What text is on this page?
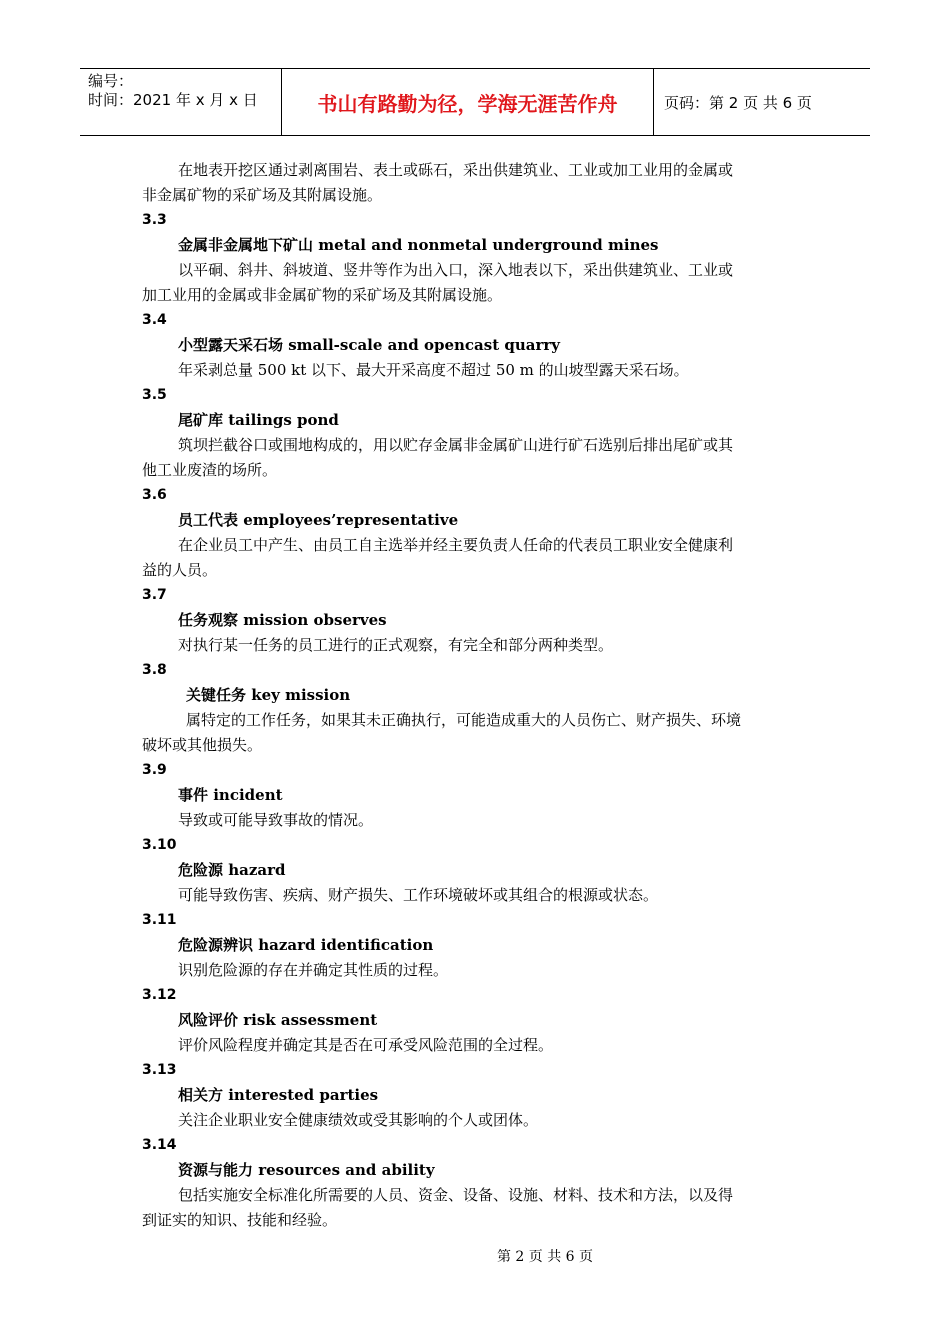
编号：
时间：2021 年 x 月 x 日	书山有路勤为径，学海无涯苦作舟	页码：第 2 页 共 6 页
在地表开挖区通过剥离围岩、表土或砾石，采出供建筑业、工业或加工业用的金属或
非金属矿物的采矿场及其附属设施。
3.3
金属非金属地下矿山 metal and nonmetal underground mines
以平硐、斜井、斜坡道、竖井等作为出入口，深入地表以下，采出供建筑业、工业或
加工业用的金属或非金属矿物的采矿场及其附属设施。
3.4
小型露天采石场 small-scale and opencast quarry
年采剥总量 500 kt 以下、最大开采高度不超过 50 m 的山坡型露天采石场。
3.5
尾矿库 tailings pond
筑坝拦截谷口或围地构成的，用以贮存金属非金属矿山进行矿石选别后排出尾矿或其
他工业废渣的场所。
3.6
员工代表 employees’representative
在企业员工中产生、由员工自主选举并经主要负责人任命的代表员工职业安全健康利
益的人员。
3.7
任务观察 mission observes
对执行某一任务的员工进行的正式观察，有完全和部分两种类型。
3.8
关键任务 key mission
属特定的工作任务，如果其未正确执行，可能造成重大的人员伤亡、财产损失、环境
破坏或其他损失。
3.9
事件 incident
导致或可能导致事故的情况。
3.10
危险源 hazard
可能导致伤害、疾病、财产损失、工作环境破坏或其组合的根源或状态。
3.11
危险源辨识 hazard identification
识别危险源的存在并确定其性质的过程。
3.12
风险评价 risk assessment
评价风险程度并确定其是否在可承受风险范围的全过程。
3.13
相关方 interested parties
关注企业职业安全健康绩效或受其影响的个人或团体。
3.14
资源与能力 resources and ability
包括实施安全标准化所需要的人员、资金、设备、设施、材料、技术和方法，以及得
到证实的知识、技能和经验。
第 2 页 共 6 页
